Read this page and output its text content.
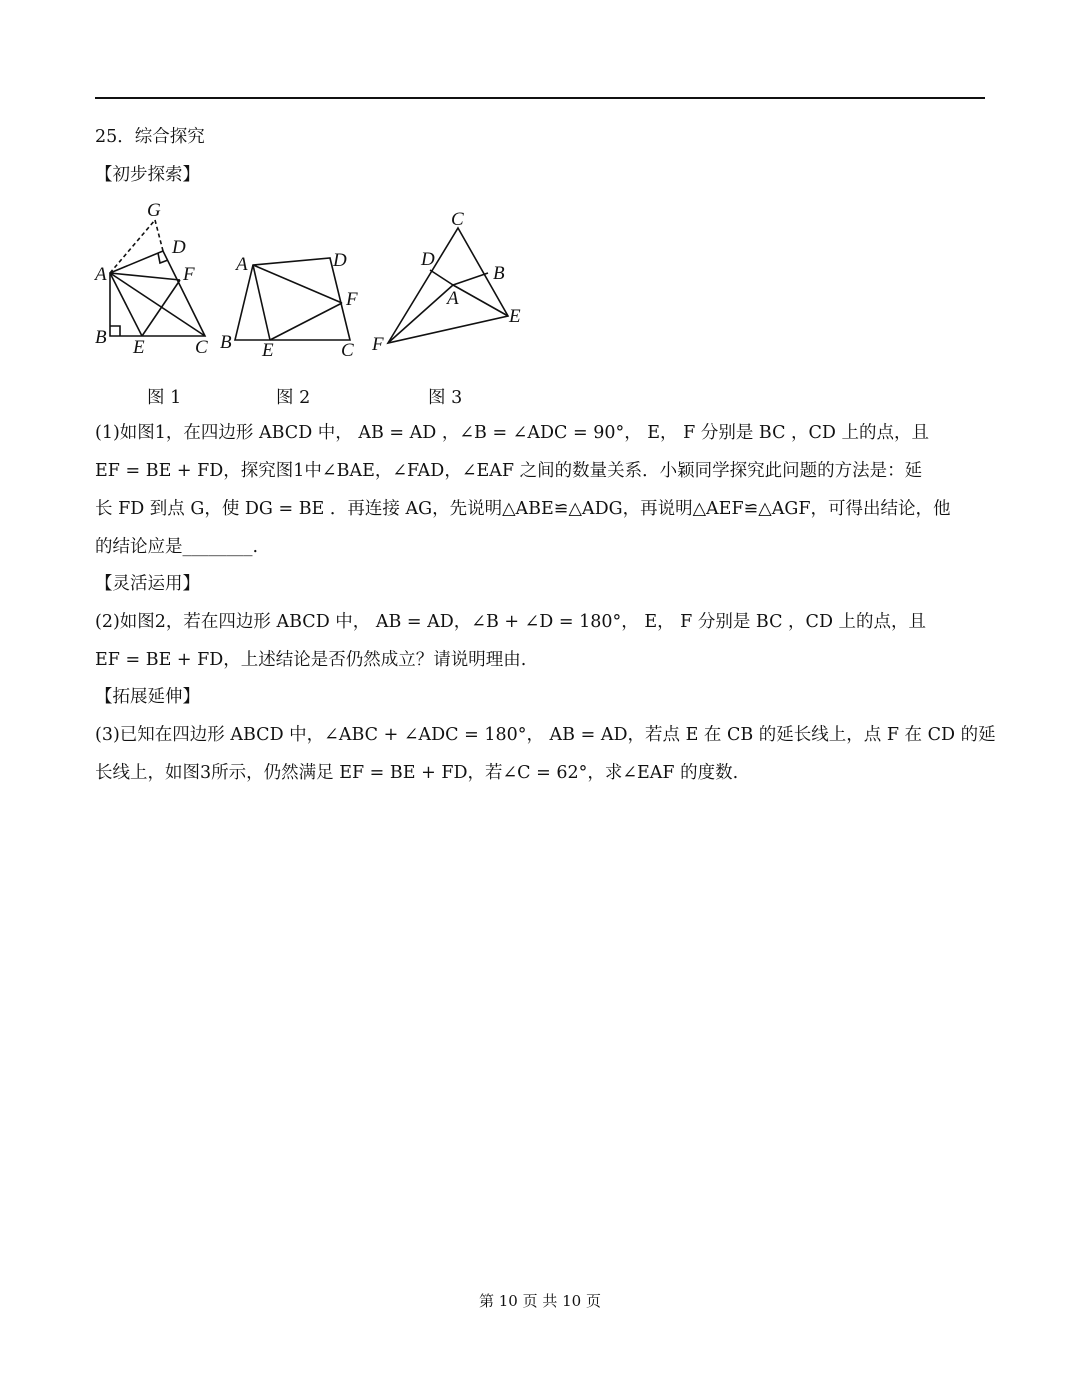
25．综合探究
【初步探索】
G
D
A	F
B E	C
A	D
F
B E	C
C
D
B
A
E
F
图 1	图 2	图 3
(1)如图1，在四边形 ABCD 中， AB = AD ，∠B = ∠ADC = 90°， E， F 分别是 BC ，CD 上的点，且
EF = BE + FD，探究图1中∠BAE，∠FAD，∠EAF 之间的数量关系．小颖同学探究此问题的方法是：延
长 FD 到点 G，使 DG = BE ．再连接 AG，先说明△ABE≌△ADG，再说明△AEF≌△AGF，可得出结论，他
的结论应是________.
【灵活运用】
(2)如图2，若在四边形 ABCD 中， AB = AD，∠B + ∠D = 180°， E， F 分别是 BC ，CD 上的点，且
EF = BE + FD，上述结论是否仍然成立？请说明理由.
【拓展延伸】
(3)已知在四边形 ABCD 中，∠ABC + ∠ADC = 180°， AB = AD，若点 E 在 CB 的延长线上，点 F 在 CD 的延
长线上，如图3所示，仍然满足 EF = BE + FD，若∠C = 62°，求∠EAF 的度数.
第 10 页 共 10 页
